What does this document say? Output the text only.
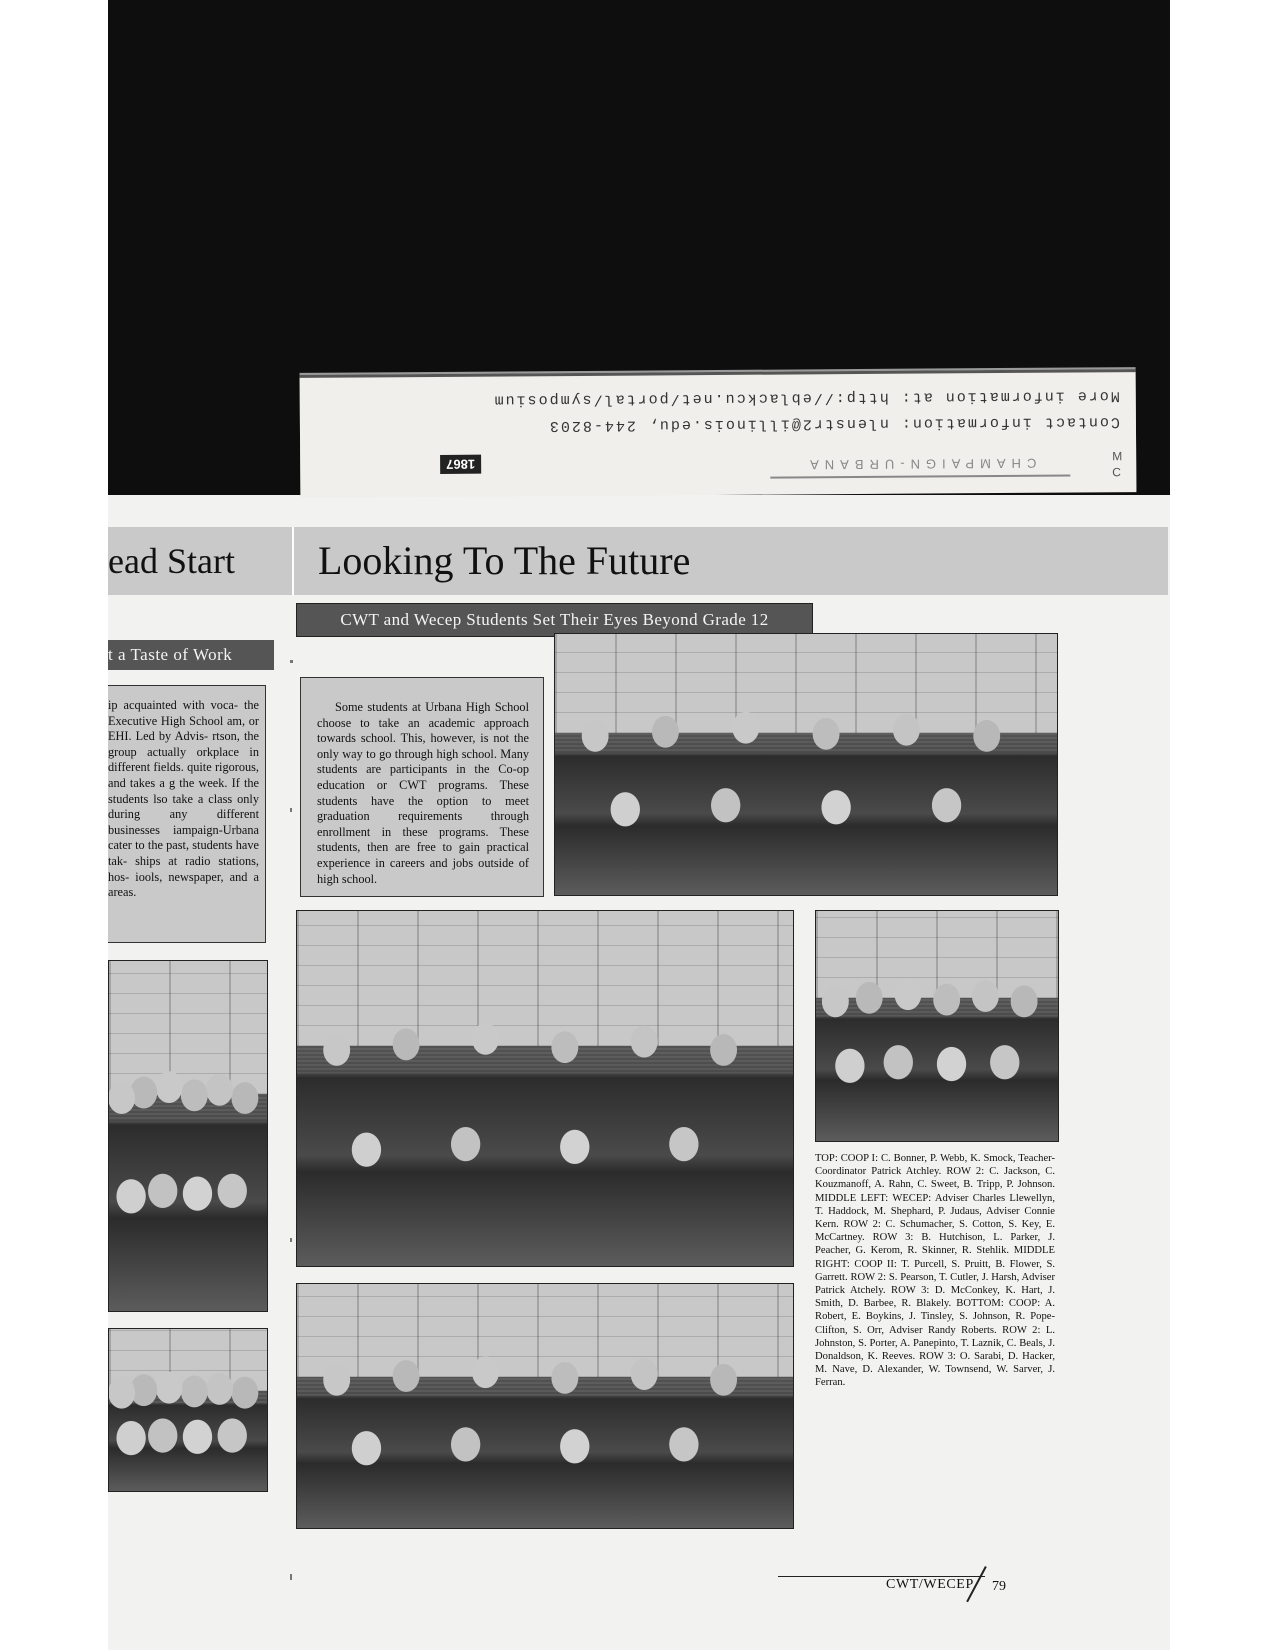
Contact information: nlenstr2@illinois.edu, 244-8203
More information at: http://eblackcu.net/portal/symposium
CHAMPAIGN-URBANA
1867
M
C
ead Start	Looking To The Future
t a Taste of Work
CWT and Wecep Students Set Their Eyes Beyond Grade 12

ip acquainted with voca- the Executive High School am, or EHI. Led by Advis- rtson, the group actually orkplace in different fields. quite rigorous, and takes a g the week. If the students lso take a class only during any different businesses iampaign-Urbana cater to the past, students have tak- ships at radio stations, hos- iools, newspaper, and a areas.

Some students at Urbana High School choose to take an academic approach towards school. This, however, is not the only way to go through high school. Many students are participants in the Co-op education or CWT programs. These students have the option to meet graduation requirements through enrollment in these programs. These students, then are free to gain practical experience in careers and jobs outside of high school.

TOP: COOP I: C. Bonner, P. Webb, K. Smock, Teacher-Coordinator Patrick Atchley. ROW 2: C. Jackson, C. Kouzmanoff, A. Rahn, C. Sweet, B. Tripp, P. Johnson. MIDDLE LEFT: WECEP: Adviser Charles Llewellyn, T. Haddock, M. Shephard, P. Judaus, Adviser Connie Kern. ROW 2: C. Schumacher, S. Cotton, S. Key, E. McCartney. ROW 3: B. Hutchison, L. Parker, J. Peacher, G. Kerom, R. Skinner, R. Stehlik. MIDDLE RIGHT: COOP II: T. Purcell, S. Pruitt, B. Flower, S. Garrett. ROW 2: S. Pearson, T. Cutler, J. Harsh, Adviser Patrick Atchely. ROW 3: D. McConkey, K. Hart, J. Smith, D. Barbee, R. Blakely. BOTTOM: COOP: A. Robert, E. Boykins, J. Tinsley, S. Johnson, R. Pope-Clifton, S. Orr, Adviser Randy Roberts. ROW 2: L. Johnston, S. Porter, A. Panepinto, T. Laznik, C. Beals, J. Donaldson, K. Reeves. ROW 3: O. Sarabi, D. Hacker, M. Nave, D. Alexander, W. Townsend, W. Sarver, J. Ferran.

CWT/WECEP 79
